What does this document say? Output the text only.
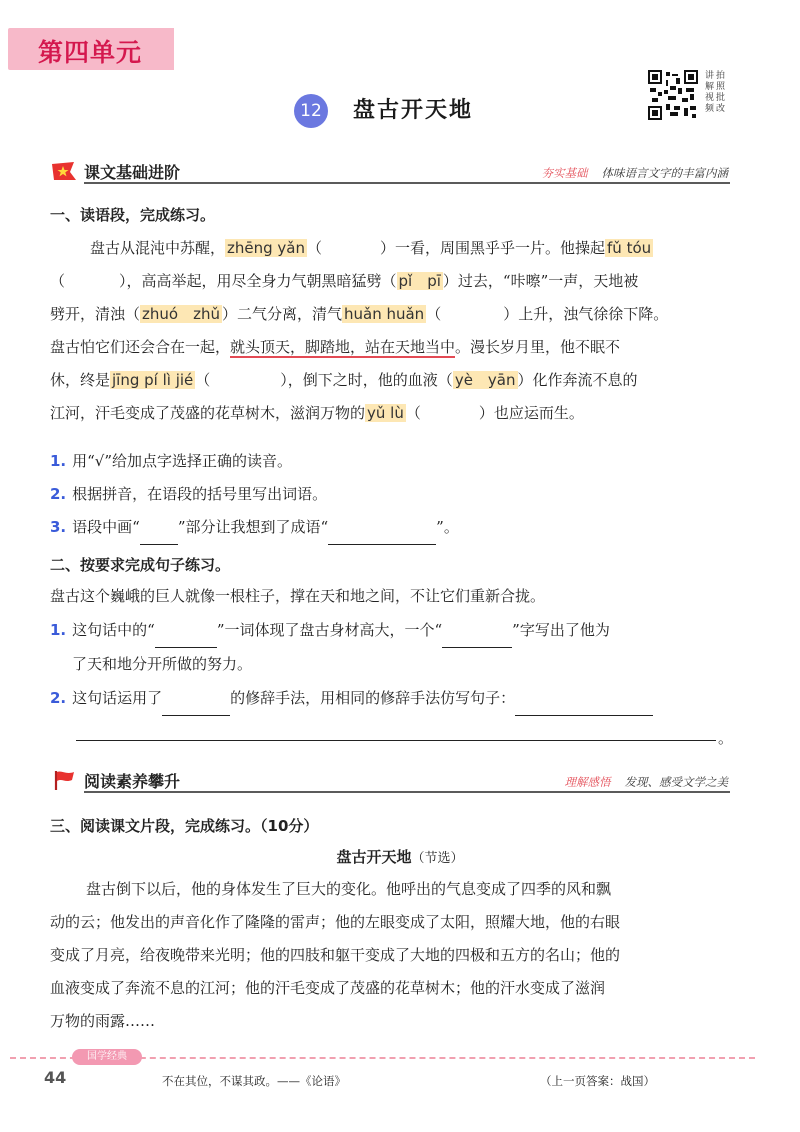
第四单元
12 盘古开天地
讲 拍
解 照
视 批
频 改
课文基础进阶	夯实基础 体味语言文字的丰富内涵
一、读语段，完成练习。
盘古从混沌中苏醒， zhēng yǎn （	）一看，周围黑乎乎一片。他操起 fǔ tóu
（	），高高举起，用尽全身力气朝黑暗猛劈（ pǐ　pī ）过去，“咔嚓”一声，天地被
劈开，清浊（ zhuó　zhǔ ）二气分离，清气 huǎn huǎn （	）上升，浊气徐徐下降。
盘古怕它们还会合在一起，就头顶天，脚踏地，站在天地当中。漫长岁月里，他不眠不
休，终是 jīng pí lì jié （	），倒下之时，他的血液（ yè　yān ）化作奔流不息的
江河，汗毛变成了茂盛的花草树木，滋润万物的 yǔ lù （	）也应运而生。
1. 用“√”给加点字选择正确的读音。
2. 根据拼音，在语段的括号里写出词语。
3. 语段中画“	”部分让我想到了成语“	”。
二、按要求完成句子练习。
盘古这个巍峨的巨人就像一根柱子，撑在天和地之间，不让它们重新合拢。
1. 这句话中的“	”一词体现了盘古身材高大，一个“	”字写出了他为
了天和地分开所做的努力。
2. 这句话运用了	的修辞手法，用相同的修辞手法仿写句子：
。
阅读素养攀升	理解感悟 发现、感受文学之美
三、阅读课文片段，完成练习。（10分）
盘古开天地（节选）
盘古倒下以后，他的身体发生了巨大的变化。他呼出的气息变成了四季的风和飘
动的云；他发出的声音化作了隆隆的雷声；他的左眼变成了太阳，照耀大地，他的右眼
变成了月亮，给夜晚带来光明；他的四肢和躯干变成了大地的四极和五方的名山；他的
血液变成了奔流不息的江河；他的汗毛变成了茂盛的花草树木；他的汗水变成了滋润
万物的雨露……
国学经典
44	不在其位，不谋其政。——《论语》	（上一页答案：战国）
